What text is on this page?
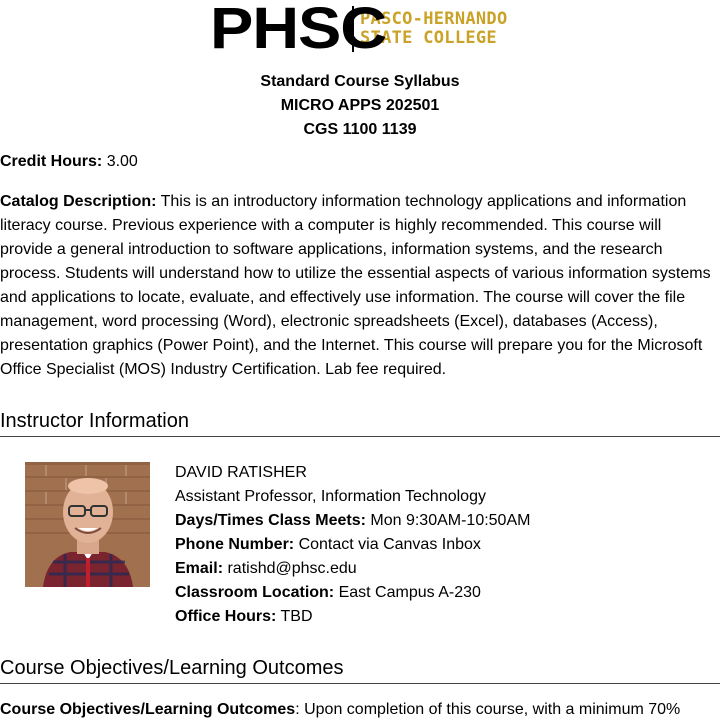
PHSC
PASCO-HERNANDO
STATE COLLEGE
Standard Course Syllabus
MICRO APPS 202501
CGS 1100 1139
Credit Hours: 3.00
Catalog Description: This is an introductory information technology applications and information literacy course. Previous experience with a computer is highly recommended. This course will provide a general introduction to software applications, information systems, and the research process. Students will understand how to utilize the essential aspects of various information systems and applications to locate, evaluate, and effectively use information. The course will cover the file management, word processing (Word), electronic spreadsheets (Excel), databases (Access), presentation graphics (Power Point), and the Internet. This course will prepare you for the Microsoft Office Specialist (MOS) Industry Certification. Lab fee required.
Instructor Information
DAVID RATISHER
Assistant Professor, Information Technology
Days/Times Class Meets: Mon 9:30AM-10:50AM
Phone Number: Contact via Canvas Inbox
Email: ratishd@phsc.edu
Classroom Location: East Campus A-230
Office Hours: TBD
Course Objectives/Learning Outcomes
Course Objectives/Learning Outcomes: Upon completion of this course, with a minimum 70%
